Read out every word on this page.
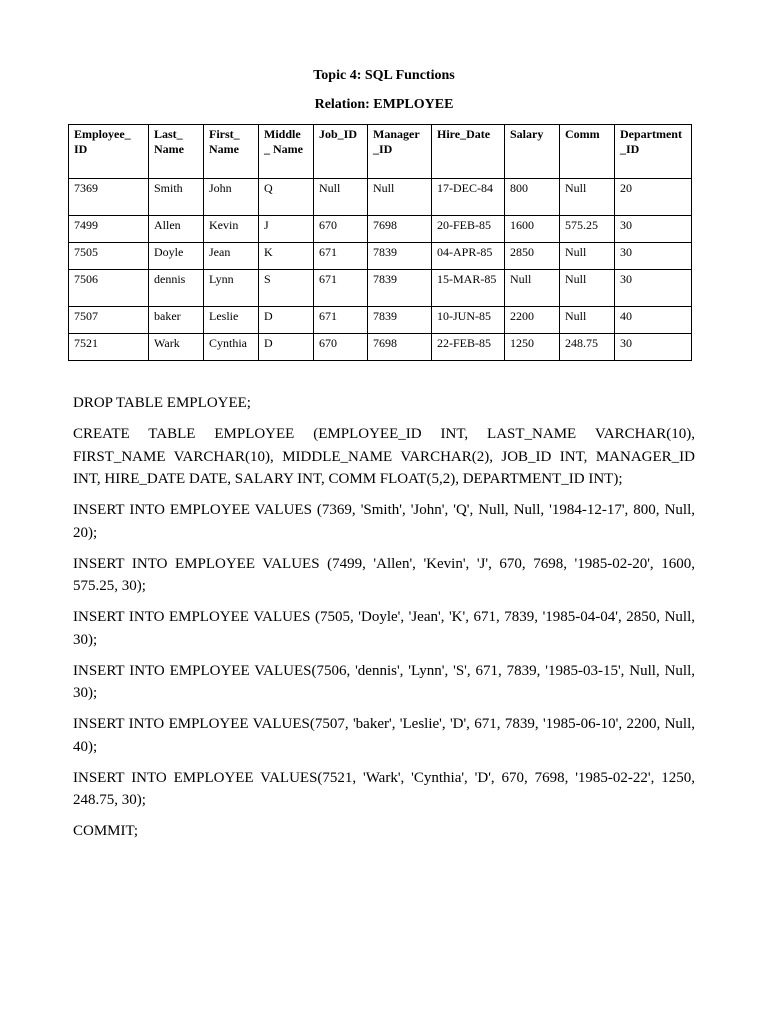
Topic 4: SQL Functions
Relation: EMPLOYEE
Employee_ ID	Last_ Name	First_ Name	Middle _ Name	Job_ID	Manager _ID	Hire_Date	Salary	Comm	Department _ID
7369	Smith	John	Q	Null	Null	17-DEC-84	800	Null	20
7499	Allen	Kevin	J	670	7698	20-FEB-85	1600	575.25	30
7505	Doyle	Jean	K	671	7839	04-APR-85	2850	Null	30
7506	dennis	Lynn	S	671	7839	15-MAR-85	Null	Null	30
7507	baker	Leslie	D	671	7839	10-JUN-85	2200	Null	40
7521	Wark	Cynthia	D	670	7698	22-FEB-85	1250	248.75	30

DROP TABLE EMPLOYEE;

CREATE TABLE EMPLOYEE (EMPLOYEE_ID INT, LAST_NAME VARCHAR(10), FIRST_NAME VARCHAR(10), MIDDLE_NAME VARCHAR(2), JOB_ID INT, MANAGER_ID INT, HIRE_DATE DATE, SALARY INT, COMM FLOAT(5,2), DEPARTMENT_ID INT);

INSERT INTO EMPLOYEE VALUES (7369, 'Smith', 'John', 'Q', Null, Null, '1984-12-17', 800, Null, 20);

INSERT INTO EMPLOYEE VALUES (7499, 'Allen', 'Kevin', 'J', 670, 7698, '1985-02-20', 1600, 575.25, 30);

INSERT INTO EMPLOYEE VALUES (7505, 'Doyle', 'Jean', 'K', 671, 7839, '1985-04-04', 2850, Null, 30);

INSERT INTO EMPLOYEE VALUES(7506, 'dennis', 'Lynn', 'S', 671, 7839, '1985-03-15', Null, Null, 30);

INSERT INTO EMPLOYEE VALUES(7507, 'baker', 'Leslie', 'D', 671, 7839, '1985-06-10', 2200, Null, 40);

INSERT INTO EMPLOYEE VALUES(7521, 'Wark', 'Cynthia', 'D', 670, 7698, '1985-02-22', 1250, 248.75, 30);

COMMIT;
